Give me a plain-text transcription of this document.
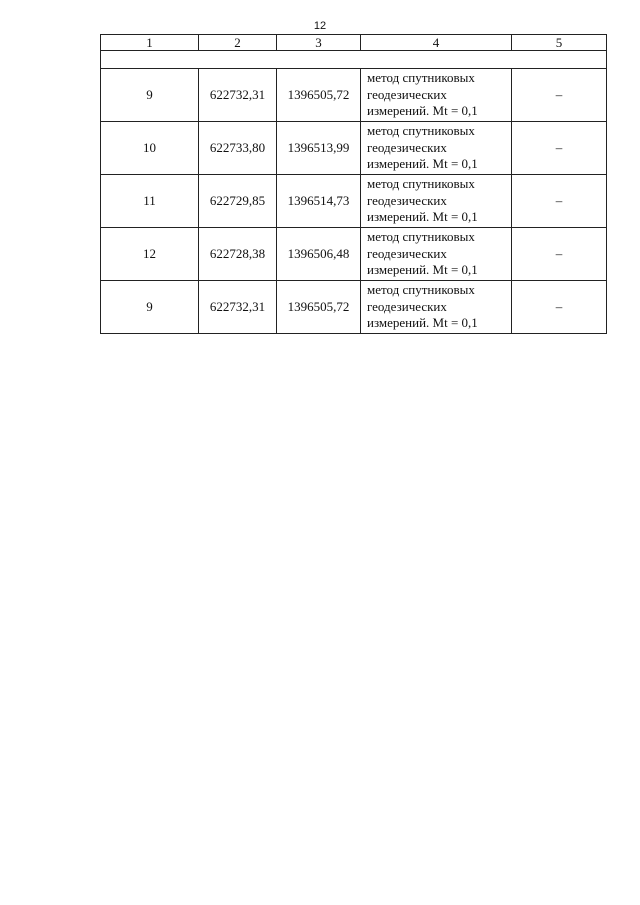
12
1	2	3	4	5

9	622732,31	1396505,72	метод спутниковых
геодезических
измерений. Mt = 0,1	–
10	622733,80	1396513,99	метод спутниковых
геодезических
измерений. Mt = 0,1	–
11	622729,85	1396514,73	метод спутниковых
геодезических
измерений. Mt = 0,1	–
12	622728,38	1396506,48	метод спутниковых
геодезических
измерений. Mt = 0,1	–
9	622732,31	1396505,72	метод спутниковых
геодезических
измерений. Mt = 0,1	–
